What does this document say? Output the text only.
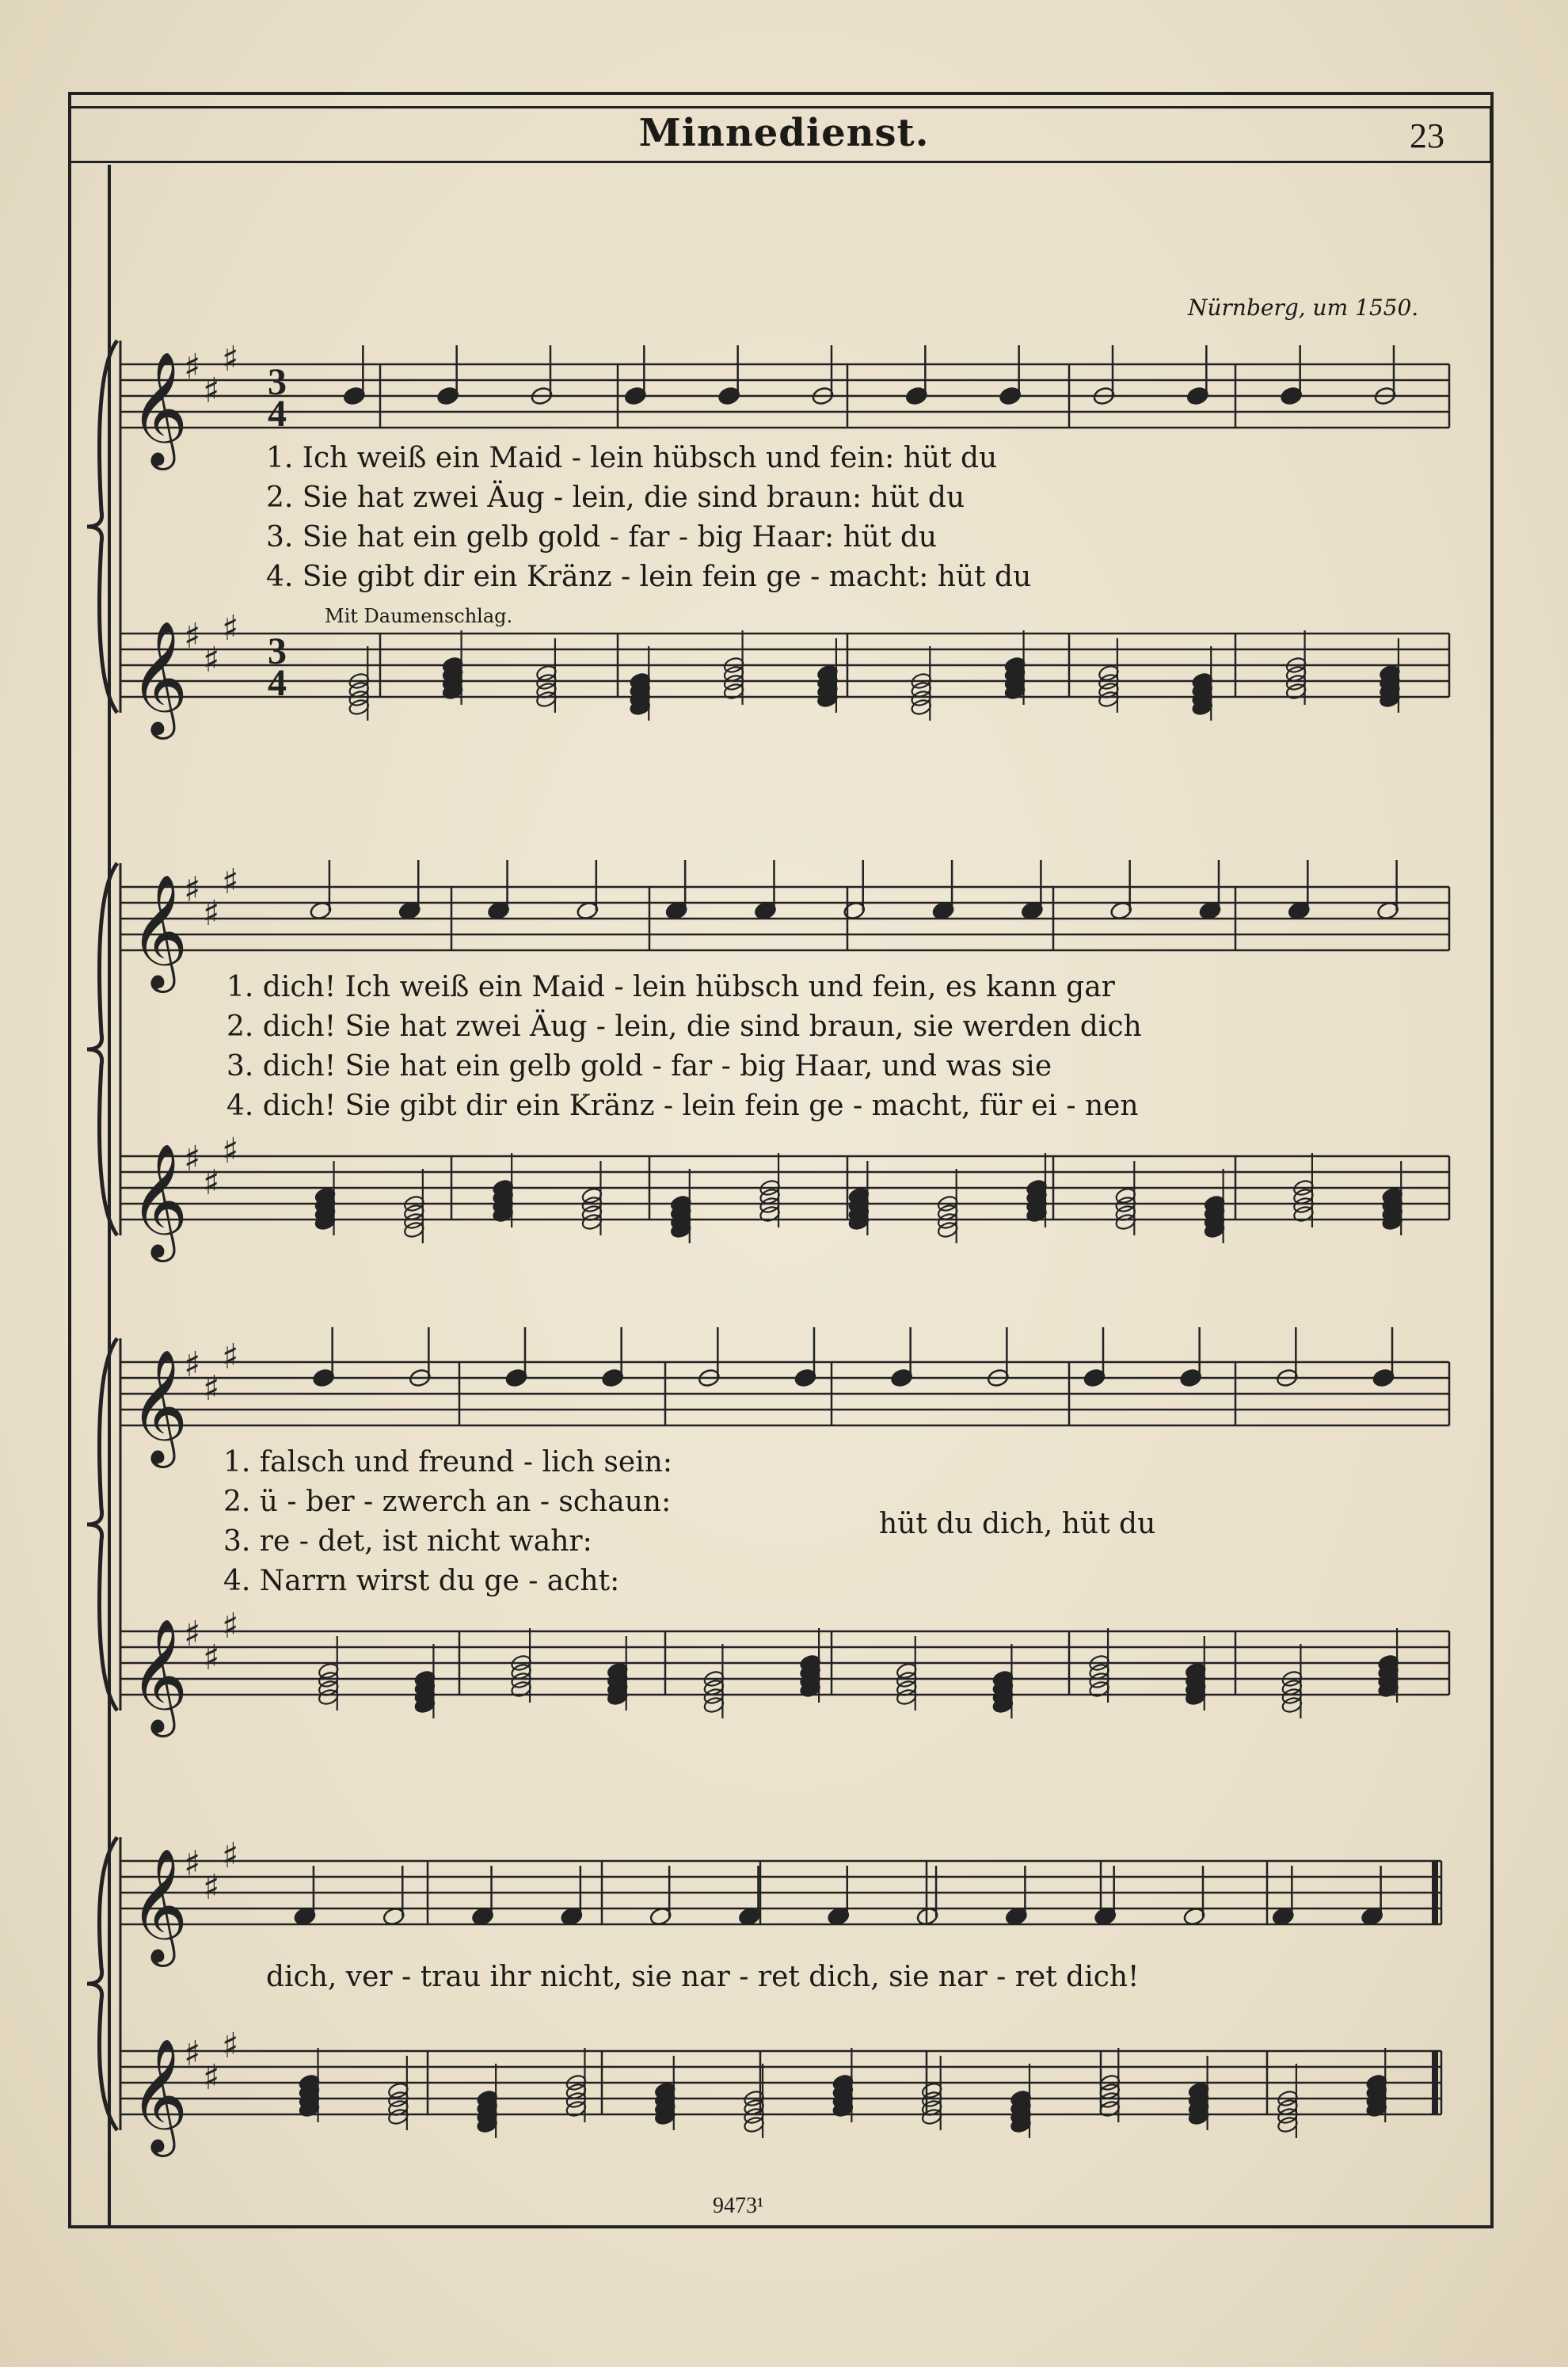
Minnedienst.	23
Nürnberg, um 1550.
Mit Daumenschlag.
𝄞
♯
♯
♯
𝄞
♯
♯
♯
3
4
3
4
𝄞
♯
♯
♯
𝄞
♯
♯
♯
𝄞
♯
♯
♯
𝄞
♯
♯
♯
𝄞
♯
♯
♯
𝄞
♯
♯
♯
1. Ich weiß ein Maid - lein hübsch und fein: hüt du
2. Sie hat zwei Äug - lein, die sind braun: hüt du
3. Sie hat ein gelb gold - far - big Haar: hüt du
4. Sie gibt dir ein Kränz - lein fein ge - macht: hüt du
1. dich! Ich weiß ein Maid - lein hübsch und fein, es kann gar
2. dich! Sie hat zwei Äug - lein, die sind braun, sie werden dich
3. dich! Sie hat ein gelb gold - far - big Haar, und was sie
4. dich! Sie gibt dir ein Kränz - lein fein ge - macht, für ei - nen
1. falsch und freund - lich sein:
2. ü - ber - zwerch an - schaun:
3. re - det, ist nicht wahr:
4. Narrn wirst du ge - acht:
hüt du dich, hüt du
dich, ver - trau ihr nicht, sie nar - ret dich, sie nar - ret dich!
9473¹
